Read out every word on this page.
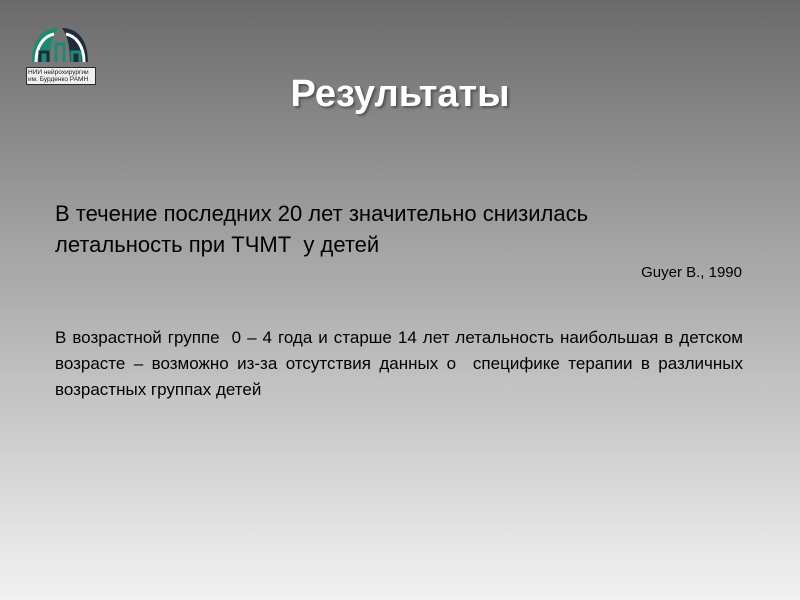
НИИ нейрохирургии
им. Бурденко РАМН	Результаты
В течение последних 20 лет значительно снизилась
летальность при ТЧМТ  у детей
Guyer B., 1990
В возрастной группе  0 – 4 года и старше 14 лет летальность наибольшая в детском возрасте – возможно из-за отсутствия данных о  специфике терапии в различных возрастных группах детей
